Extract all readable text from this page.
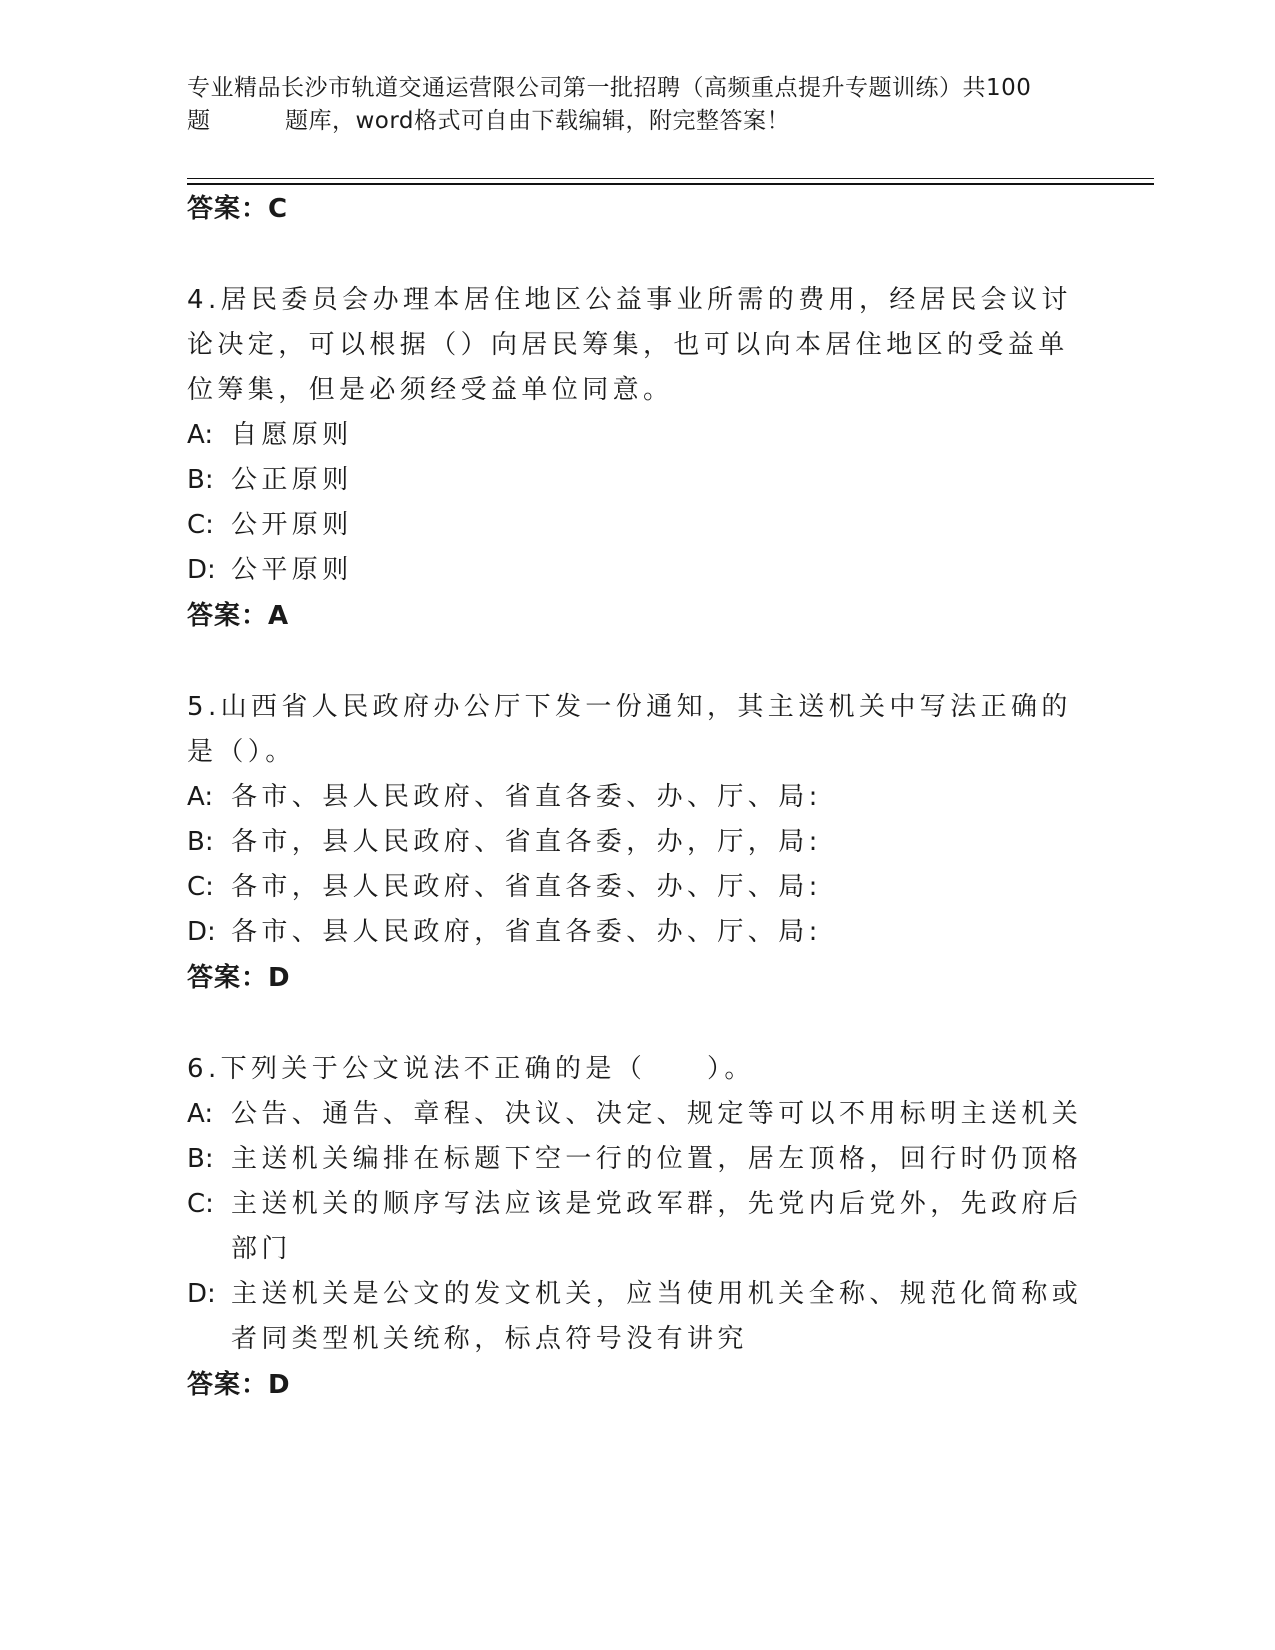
专业精品长沙市轨道交通运营限公司第一批招聘（高频重点提升专题训练）共100
题	题库，word格式可自由下载编辑，附完整答案！

答案：C

4.居民委员会办理本居住地区公益事业所需的费用，经居民会议讨论决定，可以根据（）向居民筹集，也可以向本居住地区的受益单位筹集，但是必须经受益单位同意。

A: 自愿原则
B: 公正原则
C: 公开原则
D: 公平原则

答案：A

5.山西省人民政府办公厅下发一份通知，其主送机关中写法正确的是（）。

A: 各市、县人民政府、省直各委、办、厅、局:
B: 各市，县人民政府、省直各委，办，厅，局:
C: 各市，县人民政府、省直各委、办、厅、局:
D: 各市、县人民政府，省直各委、办、厅、局:

答案：D

6.下列关于公文说法不正确的是（　　）。

A: 公告、通告、章程、决议、决定、规定等可以不用标明主送机关
B: 主送机关编排在标题下空一行的位置，居左顶格，回行时仍顶格
C: 主送机关的顺序写法应该是党政军群，先党内后党外，先政府后部门
D: 主送机关是公文的发文机关，应当使用机关全称、规范化简称或者同类型机关统称，标点符号没有讲究

答案：D
